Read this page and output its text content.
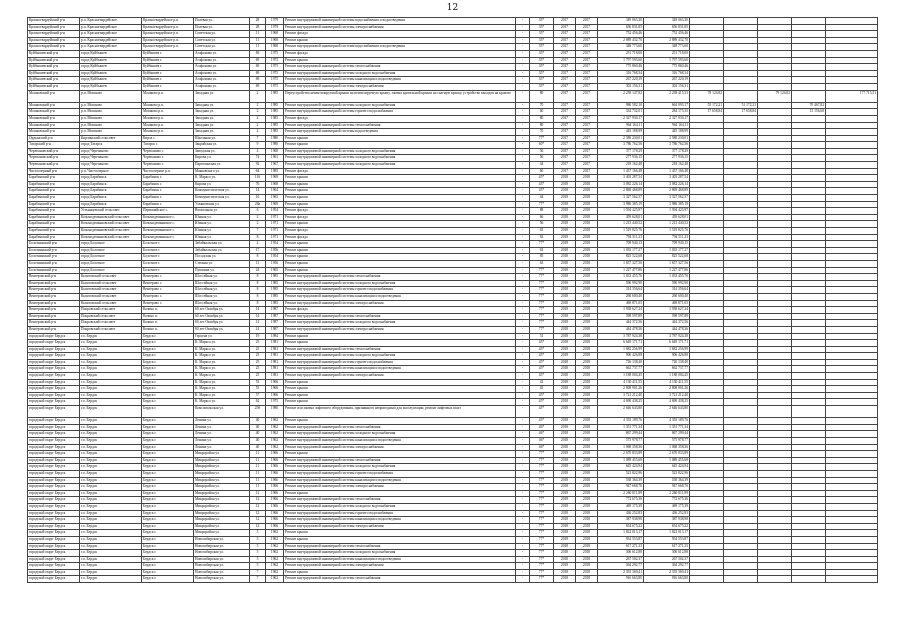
12
Красногвардейский р-н	р.п. Красногвардейское	Красногвардейское р.п.	Полевая ул.	28	1979	Ремонт внутридомовой инженерной системы водоснабжения и водоотведения	-	35*	2017	2017	349 063,30	349 063,30					
Красногвардейский р-н	р.п. Красногвардейское	Красногвардейское р.п.	Полевая ул.	28	1979	Ремонт внутридомовой инженерной системы электроснабжения	-	35*	2017	2017	656 831,85	656 831,85					
Красногвардейский р-н	р.п. Красногвардейское	Красногвардейское р.п.	Советская ул.	11	1968	Ремонт фасада	-	35*	2017	2017	752 456,46	752 456,46					
Красногвардейский р-н	р.п. Красногвардейское	Красногвардейское р.п.	Советская ул.	11	1968	Ремонт крыши	-	35*	2017	2017	2 889 432,70	2 889 432,70					
Красногвардейский р-н	р.п. Красногвардейское	Красногвардейское р.п.	Советская ул.	11	1968	Ремонт внутридомовой инженерной системы водоснабжения и водоотведения	-	35*	2017	2017	348 773,60	348 773,60					
Куйбышевский р-н	город Куйбышев	Куйбышев г.	Агафонова ул.	69	1975	Ремонт фасада	-	35*	2017	2017	251 718,00	251 718,00					
Куйбышевский р-н	город Куйбышев	Куйбышев г.	Агафонова ул.	69	1975	Ремонт крыши	-	35*	2017	2017	1 797 593,60	1 797 593,60					
Куйбышевский р-н	город Куйбышев	Куйбышев г.	Агафонова ул.	69	1975	Ремонт внутридомовой инженерной системы теплоснабжения	-	35*	2017	2017	775 860,46	775 860,46					
Куйбышевский р-н	город Куйбышев	Куйбышев г.	Агафонова ул.	69	1975	Ремонт внутридомовой инженерной системы холодного водоснабжения	-	35*	2017	2017	316 768,34	316 768,34					
Куйбышевский р-н	город Куйбышев	Куйбышев г.	Агафонова ул.	69	1975	Ремонт внутридомовой инженерной системы канализации и водоотведения	-	35*	2017	2017	267 220,19	267 220,19					
Куйбышевский р-н	город Куйбышев	Куйбышев г.	Агафонова ул.	69	1975	Ремонт внутридомовой инженерной системы электроснабжения	-	35*	2017	2017	302 156,31	302 156,31					
Мошковский р-н	р.п. Мошково	Мошково р.п.	Западная ул.	2	1985	Переустройство невентилируемой крыши на вентилируемую крышу, замена кровельной крыши на скатную крышу, устройство выходов на кровлю	-	80	2017	2017	2 258 147,82	2 238 415,53	78 124,82		79 124,82		177 715,51
Мошковский р-н	р.п. Мошково	Мошково р.п.	Западная ул.	2	1985	Ремонт внутридомовой инженерной системы холодного водоснабжения	-	70	2017	2017	986 582,10	664 093,17	55 172,21	51 172,21		70 467,82	
Мошковский р-н	р.п. Мошково	Мошково р.п.	Западная ул.	2	1985	Ремонт внутридомовой инженерной системы горячего водоснабжения	-	60	2017	2017	334 732,01	284 175,35	17 658,84	17 658,84		15 156,68	
Мошковский р-н	р.п. Мошково	Мошково р.п.	Западная ул.	2	1985	Ремонт фасада	-	80	2017	2017	2 327 930,17	2 327 930,17					
Мошковский р-н	р.п. Мошково	Мошково р.п.	Западная ул.	2	1985	Ремонт внутридомовой инженерной системы теплоснабжения	-	80	2017	2017	964 164,11	964 164,11					
Мошковский р-н	р.п. Мошково	Мошково р.п.	Западная ул.	2	1985	Ремонт внутридомовой инженерной системы водоотведения	-	70	2017	2017	445 188,99	445 188,99					
Ордынский р-н	Кирзинский сельсовет	Кирза с.	Школьная ул.	7	1980	Ремонт крыши	-	77*	2017	2017	2 580 230,01	2 580 230,01					
Татарский р-н	город Татарск	Татарск г.	Закрайская ул.	9	1980	Ремонт крыши	-	60*	2017	2017	3 786 762,56	3 786 762,56					
Черепановский р-н	город Черепаново	Черепаново г.	Заводская ул.	4	1968	Ремонт внутридомовой инженерной системы холодного водоснабжения	-	56	2017	2017	377 178,29	377 178,29					
Черепановский р-н	город Черепаново	Черепаново г.	Кирова ул.	74	1961	Ремонт внутридомовой инженерной системы холодного водоснабжения	-	56	2017	2017	277 936,15	277 936,15					
Черепановский р-н	город Черепаново	Черепаново г.	Партизанская ул.	92	1967	Ремонт внутридомовой инженерной системы холодного водоснабжения	-	44	2017	2017	218 162,48	218 162,48					
Чистоозерный р-н	р.п. Чистоозерное	Чистоозерное р.п.	Маяковского ул.	64	1985	Ремонт фасада	-	60	2017	2017	1 437 166,48	1 437 166,48					
Барабинский р-н	город Барабинск	Барабинск г.	К. Маркса ул.	116	1969	Ремонт крыши	-	45*	2018	2018	3 403 287,54	3 403 287,54					
Барабинский р-н	город Барабинск	Барабинск г.	Кирова ул.	76	1968	Ремонт крыши	-	45*	2018	2018	3 082 226,14	3 082 226,14					
Барабинский р-н	город Барабинск	Барабинск г.	Коммунистическая ул.	14	1964	Ремонт крыши	-	45*	2018	2018	2 869 468,89	2 869 468,89					
Барабинский р-н	город Барабинск	Барабинск г.	Коммунистическая ул.	16	1965	Ремонт крыши	-	44	2018	2018	3 327 562,57	3 327 562,57					
Барабинский р-н	город Барабинск	Барабинск г.	Ульяновская ул.	28а	1969	Ремонт крыши	-	77*	2018	2018	3 986 385,19	3 986 385,19					
Барабинский р-н	Устьянцевский сельсовет	Первомайское с.	Вокзальная ул.	6	1954	Ремонт фасада	-	88	2018	2018	1 594 425,97	1 594 425,97					
Барабинский р-н	Козьмодемьяновский сельсовет	Козьмодемьянское с.	Южная ул.	2	1971	Ремонт фасада	-	66	2018	2018	459 628,01	459 628,01					
Барабинский р-н	Козьмодемьяновский сельсовет	Козьмодемьянское с.	Южная ул.	2	1971	Ремонт крыши	-	56	2018	2018	1 213 440,52	1 213 440,52					
Барабинский р-н	Козьмодемьяновский сельсовет	Козьмодемьянское с.	Южная ул.	7	1971	Ремонт фасада	-	65	2018	2018	1 519 825,76	1 519 825,76					
Барабинский р-н	Козьмодемьяновский сельсовет	Козьмодемьянское с.	Южная ул.	8	1971	Ремонт фасада	-	63	2018	2018	794 511,23	794 511,23					
Болотнинский р-н	город Болотное	Болотное г.	Забайкальская ул.	2	1954	Ремонт крыши	-	77*	2018	2018	709 940,15	709 940,15					
Болотнинский р-н	город Болотное	Болотное г.	Забайкальская ул.	17	1956	Ремонт крыши	-	63	2018	2018	1 035 177,27	1 035 177,27					
Болотнинский р-н	город Болотное	Болотное г.	Посадская ул.	8	1954	Ремонт крыши	-	85	2018	2018	825 522,68	825 522,68					
Болотнинский р-н	город Болотное	Болотное г.	Степная ул.	11	1956	Ремонт крыши	-	63	2018	2018	1 657 327,56	1 657 327,56					
Болотнинский р-н	город Болотное	Болотное г.	Пушкина ул.	24	1965	Ремонт крыши	-	77*	2018	2018	1 227 477,86	1 227 477,86					
Венгеровский р-н	Кыштовский сельсовет	Венгерово с.	Шоссейная ул.	8	1985	Ремонт внутридомовой инженерной системы теплоснабжения	-	77*	2018	2018	1 033 455,76	1 033 455,76					
Венгеровский р-н	Кыштовский сельсовет	Венгерово с.	Шоссейная ул.	8	1985	Ремонт внутридомовой инженерной системы холодного водоснабжения	-	77*	2018	2018	590 992,90	590 992,90					
Венгеровский р-н	Кыштовский сельсовет	Венгерово с.	Шоссейная ул.	8	1985	Ремонт внутридомовой инженерной системы горячего водоснабжения	-	77*	2018	2018	314 356,64	314 356,64					
Венгеровский р-н	Кыштовский сельсовет	Венгерово с.	Шоссейная ул.	8	1985	Ремонт внутридомовой инженерной системы канализации и водоотведения	-	77*	2018	2018	260 600,40	260 600,40					
Венгеровский р-н	Кыштовский сельсовет	Венгерово с.	Шоссейная ул.	8	1985	Ремонт внутридомовой инженерной системы электроснабжения	-	77*	2018	2018	469 871,05	469 871,05					
Венгеровский р-н	Покровский сельсовет	Козино п.	60 лет Октября ул.	14	1987	Ремонт фасада	-	77*	2018	2018	1 938 627,24	1 938 627,24					
Венгеровский р-н	Покровский сельсовет	Козино п.	60 лет Октября ул.	14	1987	Ремонт внутридомовой инженерной системы теплоснабжения	-	77*	2018	2018	598 597,89	598 597,89					
Венгеровский р-н	Покровский сельсовет	Козино п.	60 лет Октября ул.	14	1987	Ремонт внутридомовой инженерной системы холодного водоснабжения	-	77*	2018	2018	444 372,56	444 372,56					
Венгеровский р-н	Покровский сельсовет	Козино п.	60 лет Октября ул.	14	1987	Ремонт внутридомовой инженерной системы электроснабжения	-	77*	2018	2018	444 478,36	444 478,36					
городской округ Бердск	г.о. Бердск	Бердск г.	Герцена ул.	19	1984	Ремонт крыши	-	51	2018	2018	3 787 924,38	3 787 924,38					
городской округ Бердск	г.о. Бердск	Бердск г.	К. Маркса ул.	25	1981	Ремонт крыши	-	45*	2018	2018	6 649 171,71	6 649 171,71					
городской округ Бердск	г.о. Бердск	Бердск г.	К. Маркса ул.	25	1981	Ремонт внутридомовой инженерной системы теплоснабжения	-	45*	2018	2018	1 682 256,99	1 682 256,99					
городской округ Бердск	г.о. Бердск	Бердск г.	К. Маркса ул.	25	1981	Ремонт внутридомовой инженерной системы холодного водоснабжения	-	45*	2018	2018	906 426,88	906 426,88					
городской округ Бердск	г.о. Бердск	Бердск г.	К. Маркса ул.	25	1981	Ремонт внутридомовой инженерной системы горячего водоснабжения	-	45*	2018	2018	726 138,40	726 138,40					
городской округ Бердск	г.о. Бердск	Бердск г.	К. Маркса ул.	25	1981	Ремонт внутридомовой инженерной системы канализации и водоотведения	-	45*	2018	2018	662 737,77	662 737,77					
городской округ Бердск	г.о. Бердск	Бердск г.	К. Маркса ул.	25	1981	Ремонт внутридомовой инженерной системы электроснабжения	-	45*	2018	2018	1 188 004,45	1 188 004,45					
городской округ Бердск	г.о. Бердск	Бердск г.	К. Маркса ул.	53	1966	Ремонт крыши	-	42	2018	2018	4 130 411,55	4 130 411,55					
городской округ Бердск	г.о. Бердск	Бердск г.	К. Маркса ул.	55	1966	Ремонт крыши	-	45	2018	2018	2 808 901,26	2 808 901,26					
городской округ Бердск	г.о. Бердск	Бердск г.	К. Маркса ул.	57	1966	Ремонт крыши	-	45*	2018	2018	3 721 212,40	3 721 212,40					
городской округ Бердск	г.о. Бердск	Бердск г.	К. Маркса ул.	62	1975	Ремонт крыши	-	45*	2018	2018	4 690 438,25	4 690 438,25					
городской округ Бердск	г.о. Бердск	Бердск г.	Комсомольская ул.	25б	1980	Ремонт или замена лифтового оборудования, признанного непригодным для эксплуатации, ремонт лифтовых шахт	-	45*	2018	2018	2 646 643,80	2 646 643,80					
городской округ Бердск	г.о. Бердск	Бердск г.	Ленина ул.	40	1962	Ремонт крыши	-	45*	2018	2018	4 355 189,76	4 355 189,76					
городской округ Бердск	г.о. Бердск	Бердск г.	Ленина ул.	40	1962	Ремонт внутридомовой инженерной системы теплоснабжения	-	46*	2018	2018	1 351 771,34	1 351 771,34					
городской округ Бердск	г.о. Бердск	Бердск г.	Ленина ул.	40	1962	Ремонт внутридомовой инженерной системы холодного водоснабжения	-	46*	2018	2018	867 299,44	867 299,44					
городской округ Бердск	г.о. Бердск	Бердск г.	Ленина ул.	40	1962	Ремонт внутридомовой инженерной системы канализации и водоотведения	-	46*	2018	2018	575 978,77	575 978,77					
городской округ Бердск	г.о. Бердск	Бердск г.	Ленина ул.	40	1962	Ремонт внутридомовой инженерной системы электроснабжения	-	46*	2018	2018	1 068 358,36	1 068 358,36					
городской округ Бердск	г.о. Бердск	Бердск г.	Микрорайон ул.	11	1966	Ремонт крыши	-	77*	2018	2018	2 670 833,89	2 670 833,89					
городской округ Бердск	г.о. Бердск	Бердск г.	Микрорайон ул.	11	1966	Ремонт внутридомовой инженерной системы теплоснабжения	-	77*	2018	2018	1 089 455,68	1 089 455,68					
городской округ Бердск	г.о. Бердск	Бердск г.	Микрорайон ул.	11	1966	Ремонт внутридомовой инженерной системы холодного водоснабжения	-	77*	2018	2018	645 424,94	645 424,94					
городской округ Бердск	г.о. Бердск	Бердск г.	Микрорайон ул.	11	1966	Ремонт внутридомовой инженерной системы горячего водоснабжения	-	77*	2018	2018	523 822,96	523 822,96					
городской округ Бердск	г.о. Бердск	Бердск г.	Микрорайон ул.	11	1966	Ремонт внутридомовой инженерной системы канализации и водоотведения	-	77*	2018	2018	538 364,39	538 364,39					
городской округ Бердск	г.о. Бердск	Бердск г.	Микрорайон ул.	11	1966	Ремонт внутридомовой инженерной системы электроснабжения	-	77*	2018	2018	947 668,76	947 668,76					
городской округ Бердск	г.о. Бердск	Бердск г.	Микрорайон ул.	12	1966	Ремонт крыши	-	77*	2018	2018	2 260 811,89	2 260 811,89					
городской округ Бердск	г.о. Бердск	Бердск г.	Микрорайон ул.	12	1966	Ремонт внутридомовой инженерной системы теплоснабжения	-	77*	2018	2018	772 675,36	772 675,36					
городской округ Бердск	г.о. Бердск	Бердск г.	Микрорайон ул.	12	1966	Ремонт внутридомовой инженерной системы холодного водоснабжения	-	77*	2018	2018	469 175,39	469 175,39					
городской округ Бердск	г.о. Бердск	Бердск г.	Микрорайон ул.	12	1966	Ремонт внутридомовой инженерной системы горячего водоснабжения	-	77*	2018	2018	436 252,83	436 252,83					
городской округ Бердск	г.о. Бердск	Бердск г.	Микрорайон ул.	12	1966	Ремонт внутридомовой инженерной системы канализации и водоотведения	-	77*	2018	2018	387 938,98	387 938,98					
городской округ Бердск	г.о. Бердск	Бердск г.	Микрорайон ул.	12	1966	Ремонт внутридомовой инженерной системы электроснабжения	-	77*	2018	2018	654 675,22	654 675,22					
городской округ Бердск	г.о. Бердск	Бердск г.	Микрорайон ул.	5	1962	Ремонт крыши	-	77*	2018	2018	1 822 013,17	1 822 013,17					
городской округ Бердск	г.о. Бердск	Бердск г.	Новосибирская ул.	5	1962	Ремонт крыши	-	77*	2018	2018	934 553,87	934 553,87					
городской округ Бердск	г.о. Бердск	Бердск г.	Новосибирская ул.	5	1962	Ремонт внутридомовой инженерной системы теплоснабжения	-	77*	2018	2018	617 271,33	617 271,33					
городской округ Бердск	г.о. Бердск	Бердск г.	Новосибирская ул.	5	1962	Ремонт внутридомовой инженерной системы холодного водоснабжения	-	77*	2018	2018	306 612,88	306 612,88					
городской округ Бердск	г.о. Бердск	Бердск г.	Новосибирская ул.	5	1962	Ремонт внутридомовой инженерной системы канализации и водоотведения	-	77*	2018	2018	267 502,37	267 502,37					
городской округ Бердск	г.о. Бердск	Бердск г.	Новосибирская ул.	5	1962	Ремонт внутридомовой инженерной системы электроснабжения	-	77*	2018	2018	364 292,77	364 292,77					
городской округ Бердск	г.о. Бердск	Бердск г.	Новосибирская ул.	7	1962	Ремонт крыши	-	77*	2018	2018	2 355 369,41	2 355 369,41					
городской округ Бердск	г.о. Бердск	Бердск г.	Новосибирская ул.	7	1962	Ремонт внутридомовой инженерной системы теплоснабжения	-	77*	2018	2018	916 663,80	916 663,80					
